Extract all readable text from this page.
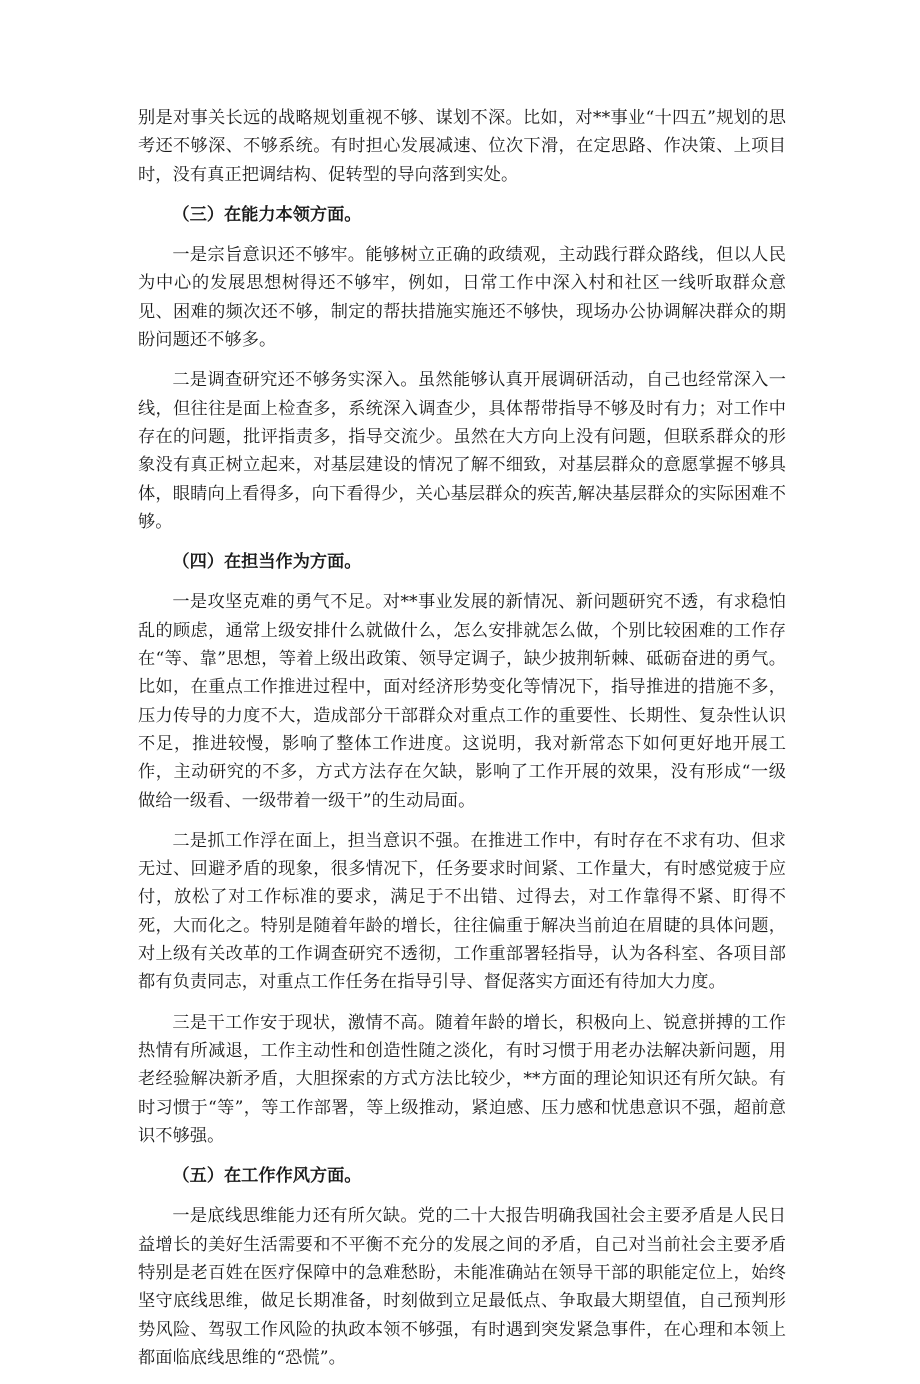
别是对事关长远的战略规划重视不够、谋划不深。比如，对**事业“十四五”规划的思考还不够深、不够系统。有时担心发展减速、位次下滑，在定思路、作决策、上项目时，没有真正把调结构、促转型的导向落到实处。

（三）在能力本领方面。

一是宗旨意识还不够牢。能够树立正确的政绩观，主动践行群众路线，但以人民为中心的发展思想树得还不够牢，例如，日常工作中深入村和社区一线听取群众意见、困难的频次还不够，制定的帮扶措施实施还不够快，现场办公协调解决群众的期盼问题还不够多。

二是调查研究还不够务实深入。虽然能够认真开展调研活动，自己也经常深入一线，但往往是面上检查多，系统深入调查少，具体帮带指导不够及时有力；对工作中存在的问题，批评指责多，指导交流少。虽然在大方向上没有问题，但联系群众的形象没有真正树立起来，对基层建设的情况了解不细致，对基层群众的意愿掌握不够具体，眼睛向上看得多，向下看得少，关心基层群众的疾苦,解决基层群众的实际困难不够。

（四）在担当作为方面。

一是攻坚克难的勇气不足。对**事业发展的新情况、新问题研究不透，有求稳怕乱的顾虑，通常上级安排什么就做什么，怎么安排就怎么做，个别比较困难的工作存在“等、靠”思想，等着上级出政策、领导定调子，缺少披荆斩棘、砥砺奋进的勇气。比如，在重点工作推进过程中，面对经济形势变化等情况下，指导推进的措施不多，压力传导的力度不大，造成部分干部群众对重点工作的重要性、长期性、复杂性认识不足，推进较慢，影响了整体工作进度。这说明，我对新常态下如何更好地开展工作，主动研究的不多，方式方法存在欠缺，影响了工作开展的效果，没有形成“一级做给一级看、一级带着一级干”的生动局面。

二是抓工作浮在面上，担当意识不强。在推进工作中，有时存在不求有功、但求无过、回避矛盾的现象，很多情况下，任务要求时间紧、工作量大，有时感觉疲于应付，放松了对工作标准的要求，满足于不出错、过得去，对工作靠得不紧、盯得不死，大而化之。特别是随着年龄的增长，往往偏重于解决当前迫在眉睫的具体问题，对上级有关改革的工作调查研究不透彻，工作重部署轻指导，认为各科室、各项目部都有负责同志，对重点工作任务在指导引导、督促落实方面还有待加大力度。

三是干工作安于现状，激情不高。随着年龄的增长，积极向上、锐意拼搏的工作热情有所减退，工作主动性和创造性随之淡化，有时习惯于用老办法解决新问题，用老经验解决新矛盾，大胆探索的方式方法比较少，**方面的理论知识还有所欠缺。有时习惯于“等”，等工作部署，等上级推动，紧迫感、压力感和忧患意识不强，超前意识不够强。

（五）在工作作风方面。

一是底线思维能力还有所欠缺。党的二十大报告明确我国社会主要矛盾是人民日益增长的美好生活需要和不平衡不充分的发展之间的矛盾，自己对当前社会主要矛盾特别是老百姓在医疗保障中的急难愁盼，未能准确站在领导干部的职能定位上，始终坚守底线思维，做足长期准备，时刻做到立足最低点、争取最大期望值，自己预判形势风险、驾驭工作风险的执政本领不够强，有时遇到突发紧急事件，在心理和本领上都面临底线思维的“恐慌”。
